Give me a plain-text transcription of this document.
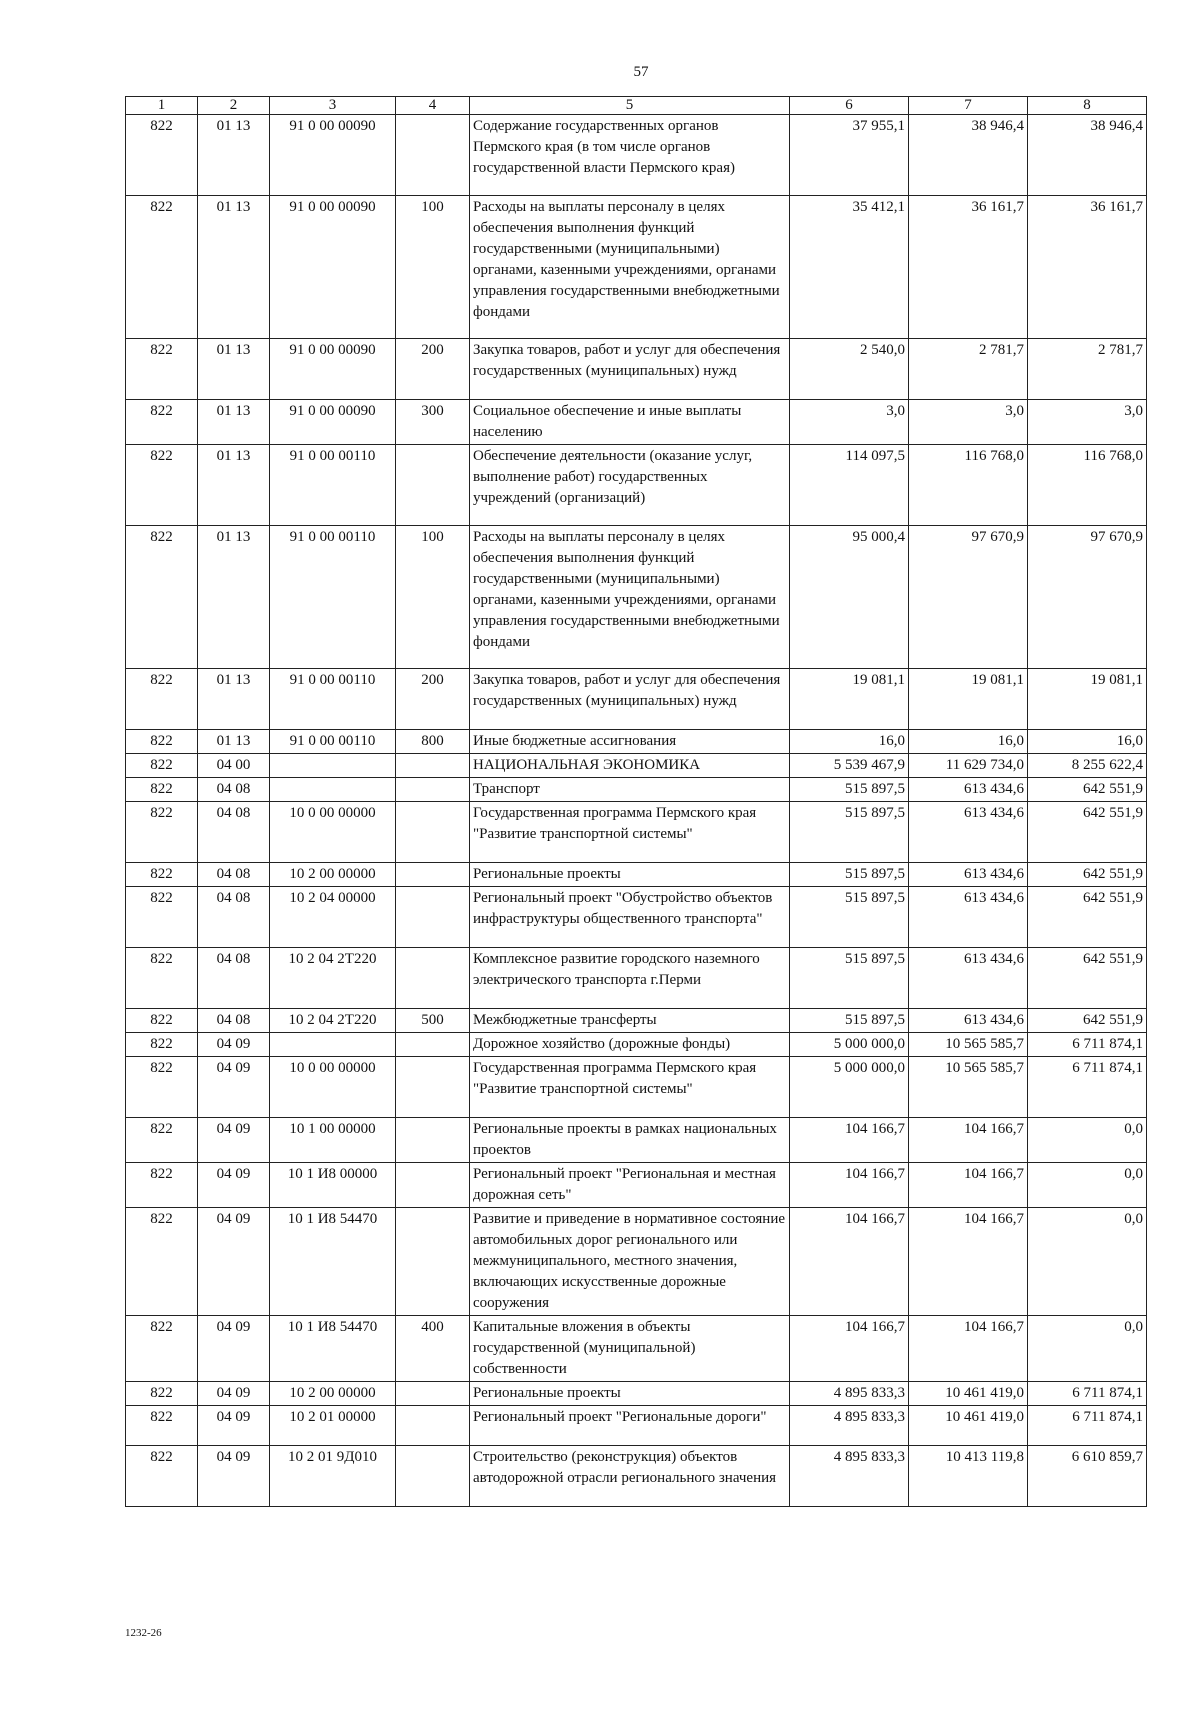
57
1	2	3	4	5	6	7	8
822	01 13	91 0 00 00090		Содержание государственных органов Пермского края (в том числе органов государственной власти Пермского края)	37 955,1	38 946,4	38 946,4
822	01 13	91 0 00 00090	100	Расходы на выплаты персоналу в целях обеспечения выполнения функций государственными (муниципальными) органами, казенными учреждениями, органами управления государственными внебюджетными фондами	35 412,1	36 161,7	36 161,7
822	01 13	91 0 00 00090	200	Закупка товаров, работ и услуг для обеспечения государственных (муниципальных) нужд	2 540,0	2 781,7	2 781,7
822	01 13	91 0 00 00090	300	Социальное обеспечение и иные выплаты населению	3,0	3,0	3,0
822	01 13	91 0 00 00110		Обеспечение деятельности (оказание услуг, выполнение работ) государственных учреждений (организаций)	114 097,5	116 768,0	116 768,0
822	01 13	91 0 00 00110	100	Расходы на выплаты персоналу в целях обеспечения выполнения функций государственными (муниципальными) органами, казенными учреждениями, органами управления государственными внебюджетными фондами	95 000,4	97 670,9	97 670,9
822	01 13	91 0 00 00110	200	Закупка товаров, работ и услуг для обеспечения государственных (муниципальных) нужд	19 081,1	19 081,1	19 081,1
822	01 13	91 0 00 00110	800	Иные бюджетные ассигнования	16,0	16,0	16,0
822	04 00			НАЦИОНАЛЬНАЯ ЭКОНОМИКА	5 539 467,9	11 629 734,0	8 255 622,4
822	04 08			Транспорт	515 897,5	613 434,6	642 551,9
822	04 08	10 0 00 00000		Государственная программа Пермского края "Развитие транспортной системы"	515 897,5	613 434,6	642 551,9
822	04 08	10 2 00 00000		Региональные проекты	515 897,5	613 434,6	642 551,9
822	04 08	10 2 04 00000		Региональный проект "Обустройство объектов инфраструктуры общественного транспорта"	515 897,5	613 434,6	642 551,9
822	04 08	10 2 04 2Т220		Комплексное развитие городского наземного электрического транспорта г.Перми	515 897,5	613 434,6	642 551,9
822	04 08	10 2 04 2Т220	500	Межбюджетные трансферты	515 897,5	613 434,6	642 551,9
822	04 09			Дорожное хозяйство (дорожные фонды)	5 000 000,0	10 565 585,7	6 711 874,1
822	04 09	10 0 00 00000		Государственная программа Пермского края "Развитие транспортной системы"	5 000 000,0	10 565 585,7	6 711 874,1
822	04 09	10 1 00 00000		Региональные проекты в рамках национальных проектов	104 166,7	104 166,7	0,0
822	04 09	10 1 И8 00000		Региональный проект "Региональная и местная дорожная сеть"	104 166,7	104 166,7	0,0
822	04 09	10 1 И8 54470		Развитие и приведение в нормативное состояние автомобильных дорог регионального или межмуниципального, местного значения, включающих искусственные дорожные сооружения	104 166,7	104 166,7	0,0
822	04 09	10 1 И8 54470	400	Капитальные вложения в объекты государственной (муниципальной) собственности	104 166,7	104 166,7	0,0
822	04 09	10 2 00 00000		Региональные проекты	4 895 833,3	10 461 419,0	6 711 874,1
822	04 09	10 2 01 00000		Региональный проект "Региональные дороги"	4 895 833,3	10 461 419,0	6 711 874,1
822	04 09	10 2 01 9Д010		Строительство (реконструкция) объектов автодорожной отрасли регионального значения	4 895 833,3	10 413 119,8	6 610 859,7
1232-26
